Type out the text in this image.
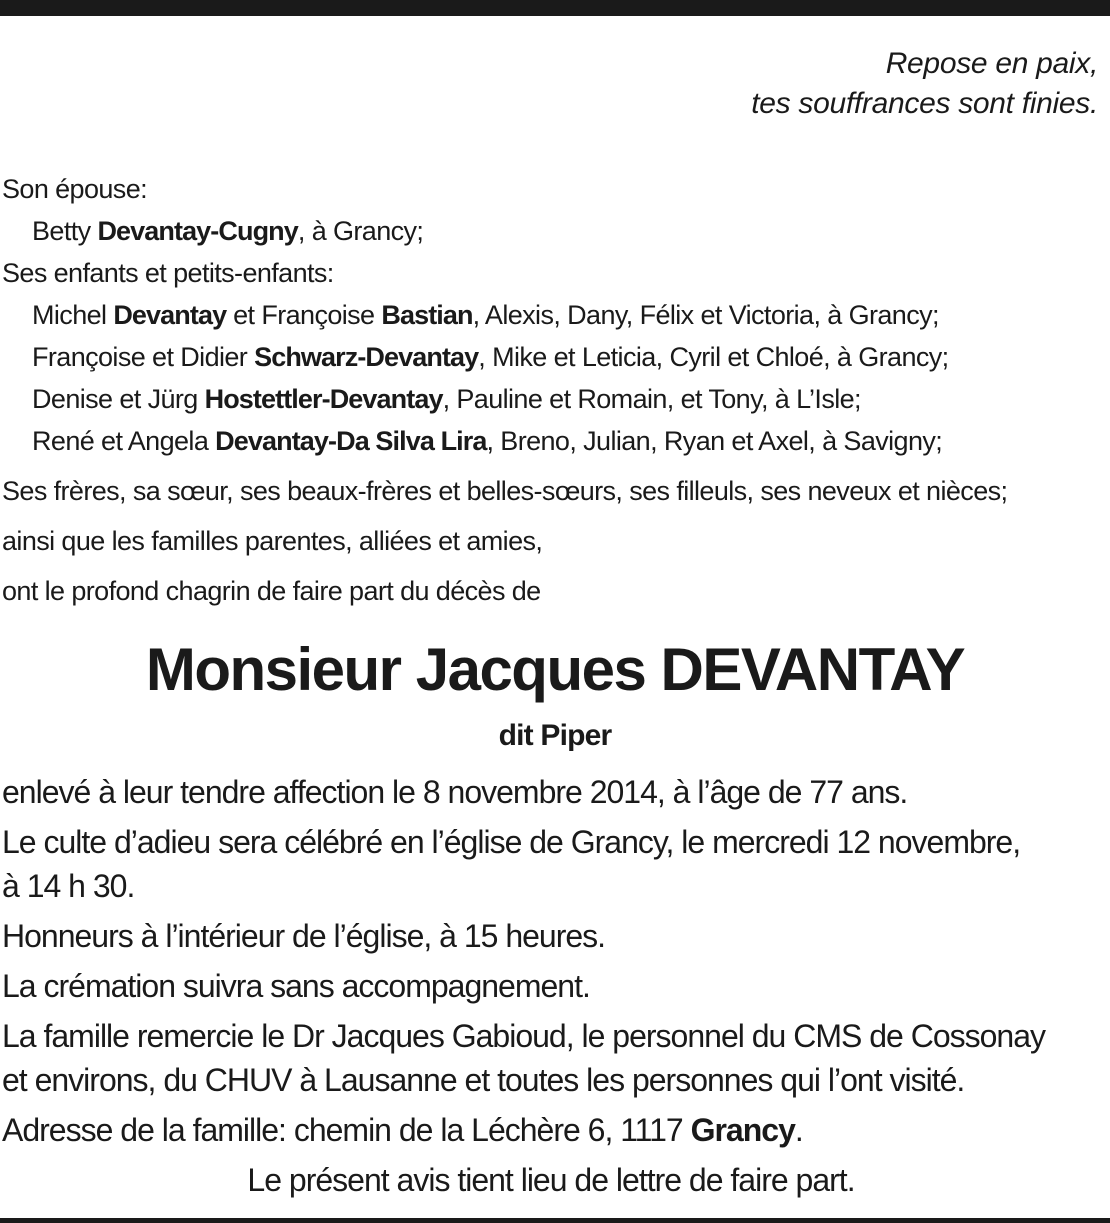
Repose en paix,
tes souffrances sont finies.
Son épouse:
Betty Devantay-Cugny, à Grancy;
Ses enfants et petits-enfants:
Michel Devantay et Françoise Bastian, Alexis, Dany, Félix et Victoria, à Grancy;
Françoise et Didier Schwarz-Devantay, Mike et Leticia, Cyril et Chloé, à Grancy;
Denise et Jürg Hostettler-Devantay, Pauline et Romain, et Tony, à L’Isle;
René et Angela Devantay-Da Silva Lira, Breno, Julian, Ryan et Axel, à Savigny;
Ses frères, sa sœur, ses beaux-frères et belles-sœurs, ses filleuls, ses neveux et nièces;
ainsi que les familles parentes, alliées et amies,
ont le profond chagrin de faire part du décès de
Monsieur Jacques DEVANTAY
dit Piper
enlevé à leur tendre affection le 8 novembre 2014, à l’âge de 77 ans.
Le culte d’adieu sera célébré en l’église de Grancy, le mercredi 12 novembre,
à 14 h 30.
Honneurs à l’intérieur de l’église, à 15 heures.
La crémation suivra sans accompagnement.
La famille remercie le Dr Jacques Gabioud, le personnel du CMS de Cossonay
et environs, du CHUV à Lausanne et toutes les personnes qui l’ont visité.
Adresse de la famille: chemin de la Léchère 6, 1117 Grancy.
Le présent avis tient lieu de lettre de faire part.
